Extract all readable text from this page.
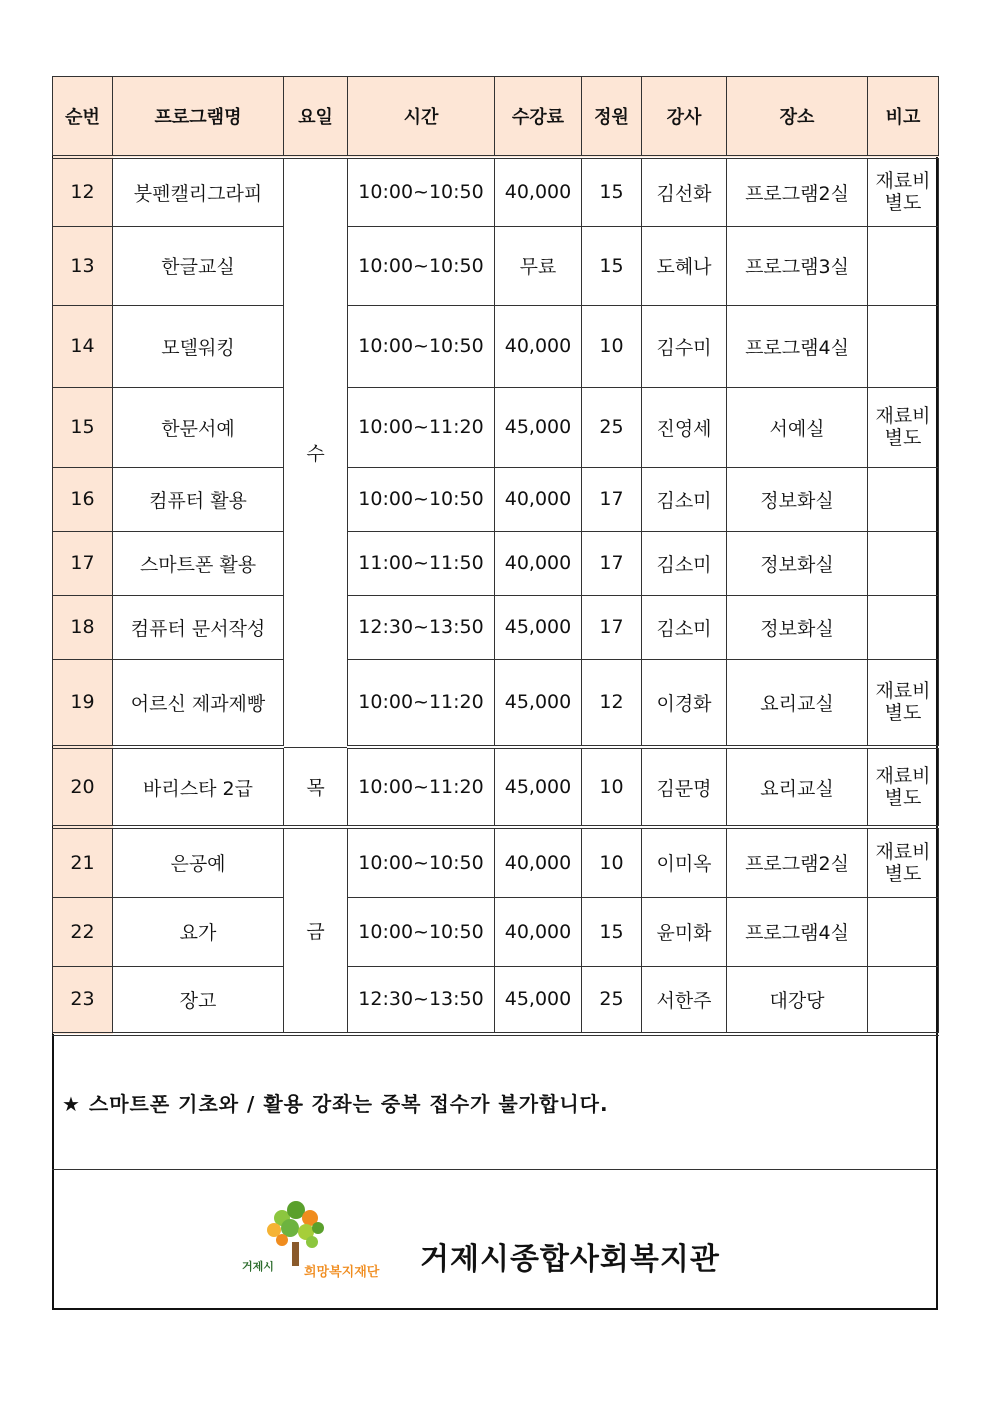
순번	프로그램명	요일	시간	수강료	정원	강사	장소	비고
12	붓펜캘리그라피	수	10:00~10:50	40,000	15	김선화	프로그램2실	재료비
별도
13	한글교실		10:00~10:50	무료	15	도혜나	프로그램3실	

14	모델워킹		10:00~10:50	40,000	10	김수미	프로그램4실	

15	한문서예		10:00~11:20	45,000	25	진영세	서예실	재료비
별도
16	컴퓨터 활용		10:00~10:50	40,000	17	김소미	정보화실	

17	스마트폰 활용		11:00~11:50	40,000	17	김소미	정보화실	

18	컴퓨터 문서작성		12:30~13:50	45,000	17	김소미	정보화실	

19	어르신 제과제빵		10:00~11:20	45,000	12	이경화	요리교실	재료비
별도
20	바리스타 2급	목	10:00~11:20	45,000	10	김문명	요리교실	재료비
별도
21	은공예	금	10:00~10:50	40,000	10	이미옥	프로그램2실	재료비
별도
22	요가		10:00~10:50	40,000	15	윤미화	프로그램4실	

23	장고		12:30~13:50	45,000	25	서한주	대강당	

★ 스마트폰 기초와 / 활용 강좌는 중복 접수가 불가합니다.
거제시 희망복지재단 거제시종합사회복지관
